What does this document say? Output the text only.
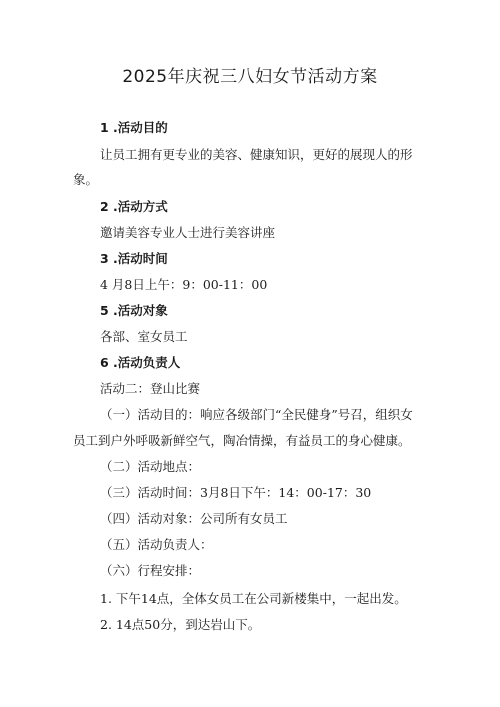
2025年庆祝三八妇女节活动方案
1 .活动目的
让员工拥有更专业的美容、健康知识，更好的展现人的形
象。
2 .活动方式
邀请美容专业人士进行美容讲座
3 .活动时间
4 月8日上午：9：00-11：00
5 .活动对象
各部、室女员工
6 .活动负责人
活动二：登山比赛
（一）活动目的：响应各级部门“全民健身”号召，组织女
员工到户外呼吸新鲜空气，陶冶情操，有益员工的身心健康。
（二）活动地点：
（三）活动时间：3月8日下午：14：00-17：30
（四）活动对象：公司所有女员工
（五）活动负责人：
（六）行程安排：
1. 下午14点，全体女员工在公司新楼集中，一起出发。
2. 14点50分，到达岩山下。
